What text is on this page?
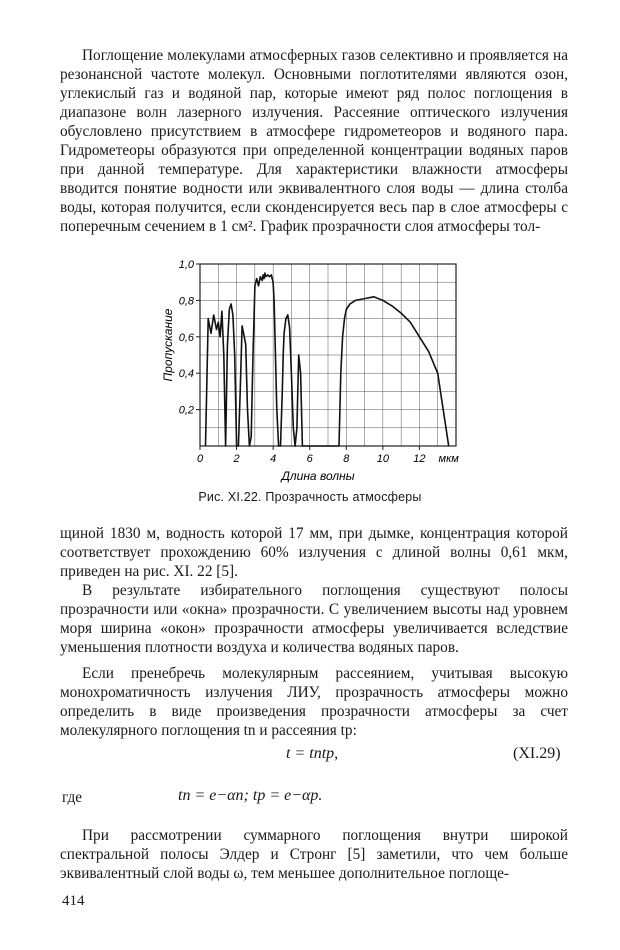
Поглощение молекулами атмосферных газов селективно и проявляется на резонансной частоте молекул. Основными поглотителями являются озон, углекислый газ и водяной пар, которые имеют ряд полос поглощения в диапазоне волн лазерного излучения. Рассеяние оптического излучения обусловлено присутствием в атмосфере гидрометеоров и водяного пара. Гидрометеоры образуются при определенной концентрации водяных паров при данной температуре. Для характеристики влажности атмосферы вводится понятие водности или эквивалентного слоя воды — длина столба воды, которая получится, если сконденсируется весь пар в слое атмосферы с поперечным сечением в 1 см². График прозрачности слоя атмосферы тол-

0,2
0,4
0,6
0,8
1,0
0	2	4	6	8 10 12 мкм
Длина волны
Пропускание
Рис. XI.22. Прозрачность атмосферы

щиной 1830 м, водность которой 17 мм, при дымке, концентрация которой соответствует прохождению 60% излучения с длиной волны 0,61 мкм, приведен на рис. XI. 22 [5].

В результате избирательного поглощения существуют полосы прозрачности или «окна» прозрачности. С увеличением высоты над уровнем моря ширина «окон» прозрачности атмосферы увеличивается вследствие уменьшения плотности воздуха и количества водяных паров.

Если пренебречь молекулярным рассеянием, учитывая высокую монохроматичность излучения ЛИУ, прозрачность атмосферы можно определить в виде произведения прозрачности атмосферы за счет молекулярного поглощения tn и рассеяния tp:

t = tntp,	(XI.29)
где	tn = e−αn; tp = e−αp.

При рассмотрении суммарного поглощения внутри широкой спектральной полосы Элдер и Стронг [5] заметили, что чем больше эквивалентный слой воды ω, тем меньшее дополнительное поглоще-

414
